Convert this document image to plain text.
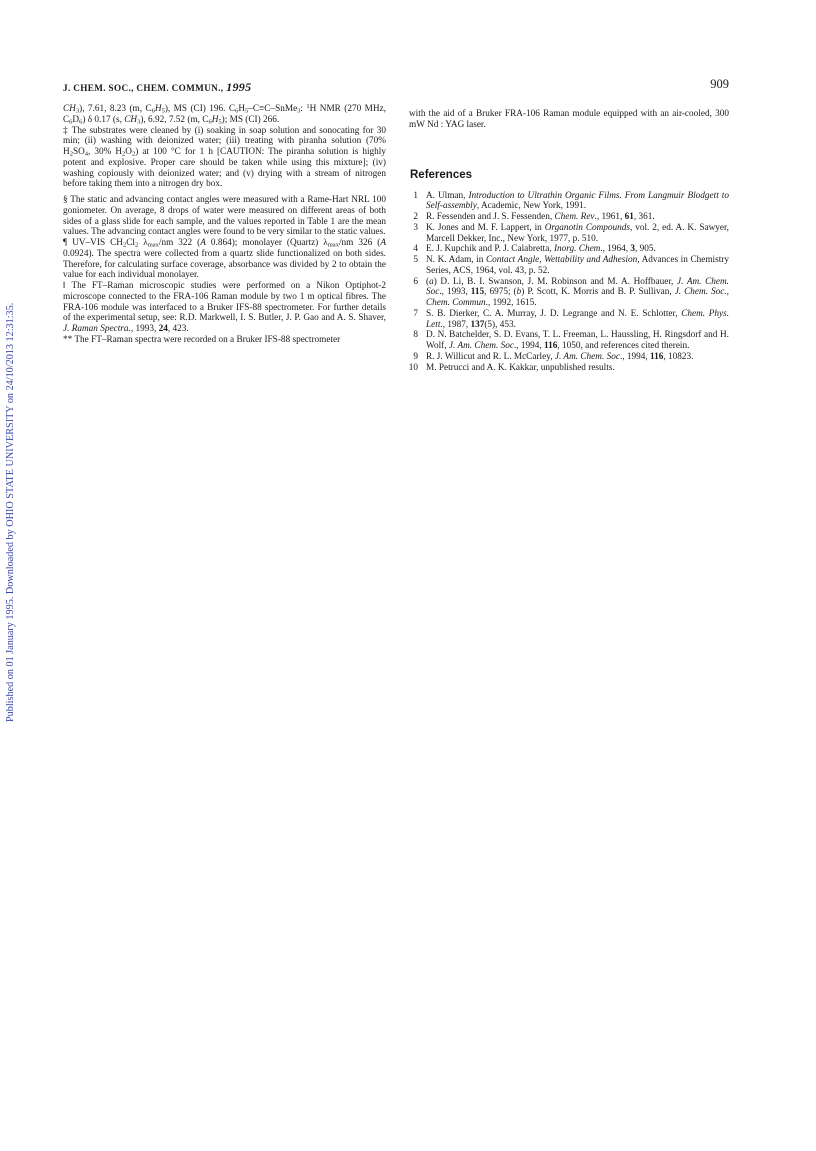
Published on 01 January 1995. Downloaded by OHIO STATE UNIVERSITY on 24/10/2013 12:31:35.
J. CHEM. SOC., CHEM. COMMUN., 1995	909

$CH_3$), 7.61, 8.23 (m, $C_6H_5$), MS (CI) 196. $C_6H_5-C\equiv C-SnMe_3$: $^1$H NMR (270 MHz, $C_6D_6$) δ 0.17 (s, $CH_3$), 6.92, 7.52 (m, $C_6H_5$); MS (CI) 266.

‡ The substrates were cleaned by (i) soaking in soap solution and sonocating for 30 min; (ii) washing with deionized water; (iii) treating with piranha solution (70% $H_2SO_4$, 30% $H_2O_2$) at 100 °C for 1 h [CAUTION: The piranha solution is highly potent and explosive. Proper care should be taken while using this mixture]; (iv) washing copiously with deionized water; and (v) drying with a stream of nitrogen before taking them into a nitrogen dry box.

§ The static and advancing contact angles were measured with a Rame-Hart NRL 100 goniometer. On average, 8 drops of water were measured on different areas of both sides of a glass slide for each sample, and the values reported in Table 1 are the mean values. The advancing contact angles were found to be very similar to the static values.

¶ UV–VIS $CH_2Cl_2$ $\lambda_{max}/nm$ 322 (A 0.864); monolayer (Quartz) $\lambda_{max}/nm$ 326 (A 0.0924). The spectra were collected from a quartz slide functionalized on both sides. Therefore, for calculating surface coverage, absorbance was divided by 2 to obtain the value for each individual monolayer.

‖ The FT–Raman microscopic studies were performed on a Nikon Optiphot-2 microscope connected to the FRA-106 Raman module by two 1 m optical fibres. The FRA-106 module was interfaced to a Bruker IFS-88 spectrometer. For further details of the experimental setup, see: R.D. Markwell, I. S. Butler, J. P. Gao and A. S. Shaver, J. Raman Spectra., 1993, 24, 423.

** The FT–Raman spectra were recorded on a Bruker IFS-88 spectrometer

with the aid of a Bruker FRA-106 Raman module equipped with an air-cooled, 300 mW Nd : YAG laser.

References
1 A. Ulman, Introduction to Ultrathin Organic Films. From Langmuir Blodgett to Self-assembly, Academic, New York, 1991.
2 R. Fessenden and J. S. Fessenden, Chem. Rev., 1961, 61, 361.
3 K. Jones and M. F. Lappert, in Organotin Compounds, vol. 2, ed. A. K. Sawyer, Marcell Dekker, Inc., New York, 1977, p. 510.
4 E. J. Kupchik and P. J. Calabretta, Inorg. Chem., 1964, 3, 905.
5 N. K. Adam, in Contact Angle, Wettability and Adhesion, Advances in Chemistry Series, ACS, 1964, vol. 43, p. 52.
6 (a) D. Li, B. I. Swanson, J. M. Robinson and M. A. Hoffbauer, J. Am. Chem. Soc., 1993, 115, 6975; (b) P. Scott, K. Morris and B. P. Sullivan, J. Chem. Soc., Chem. Commun., 1992, 1615.
7 S. B. Dierker, C. A. Murray, J. D. Legrange and N. E. Schlotter, Chem. Phys. Lett., 1987, 137(5), 453.
8 D. N. Batchelder, S. D. Evans, T. L. Freeman, L. Haussling, H. Ringsdorf and H. Wolf, J. Am. Chem. Soc., 1994, 116, 1050, and references cited therein.
9 R. J. Willicut and R. L. McCarley, J. Am. Chem. Soc., 1994, 116, 10823.
10 M. Petrucci and A. K. Kakkar, unpublished results.
